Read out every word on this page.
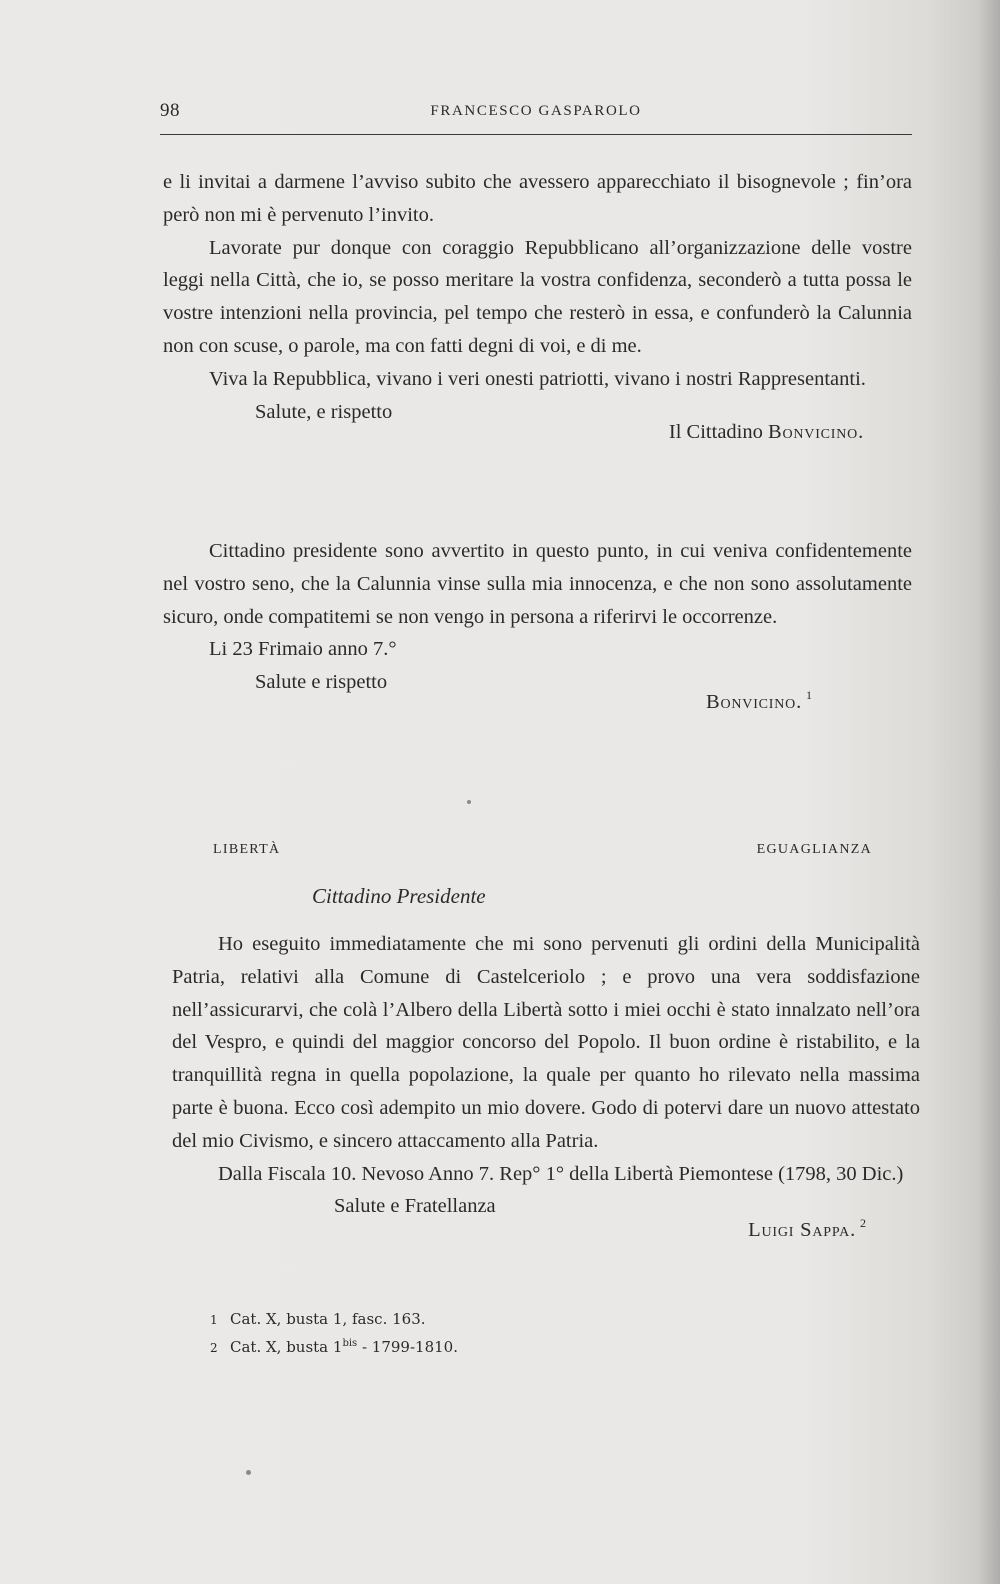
98	FRANCESCO GASPAROLO

e li invitai a darmene l’avviso subito che avessero apparecchiato il bisognevole ; fin’ora però non mi è pervenuto l’invito.

Lavorate pur donque con coraggio Repubblicano all’organizzazione delle vostre leggi nella Città, che io, se posso meritare la vostra confidenza, seconderò a tutta possa le vostre intenzioni nella provincia, pel tempo che resterò in essa, e confunderò la Calunnia non con scuse, o parole, ma con fatti degni di voi, e di me.

Viva la Repubblica, vivano i veri onesti patriotti, vivano i nostri Rappresentanti.

Salute, e rispetto

Il Cittadino Bonvicino.

Cittadino presidente sono avvertito in questo punto, in cui veniva confidentemente nel vostro seno, che la Calunnia vinse sulla mia innocenza, e che non sono assolutamente sicuro, onde compatitemi se non vengo in persona a riferirvi le occorrenze.

Li 23 Frimaio anno 7.°

Salute e rispetto

Bonvicino. $^1$

LIBERTÀ	EGUAGLIANZA
Cittadino Presidente

Ho eseguito immediatamente che mi sono pervenuti gli ordini della Municipalità Patria, relativi alla Comune di Castelceriolo ; e provo una vera soddisfazione nell’assicurarvi, che colà l’Albero della Libertà sotto i miei occhi è stato innalzato nell’ora del Vespro, e quindi del maggior concorso del Popolo. Il buon ordine è ristabilito, e la tranquillità regna in quella popolazione, la quale per quanto ho rilevato nella massima parte è buona. Ecco così adempito un mio dovere. Godo di potervi dare un nuovo attestato del mio Civismo, e sincero attaccamento alla Patria.

Dalla Fiscala 10. Nevoso Anno 7. Rep° 1° della Libertà Piemontese (1798, 30 Dic.)

Salute e Fratellanza

Luigi Sappa. $^2$

1 Cat. X, busta 1, fasc. 163.

2 Cat. X, busta $1^{bis} - 1799-1810$.
